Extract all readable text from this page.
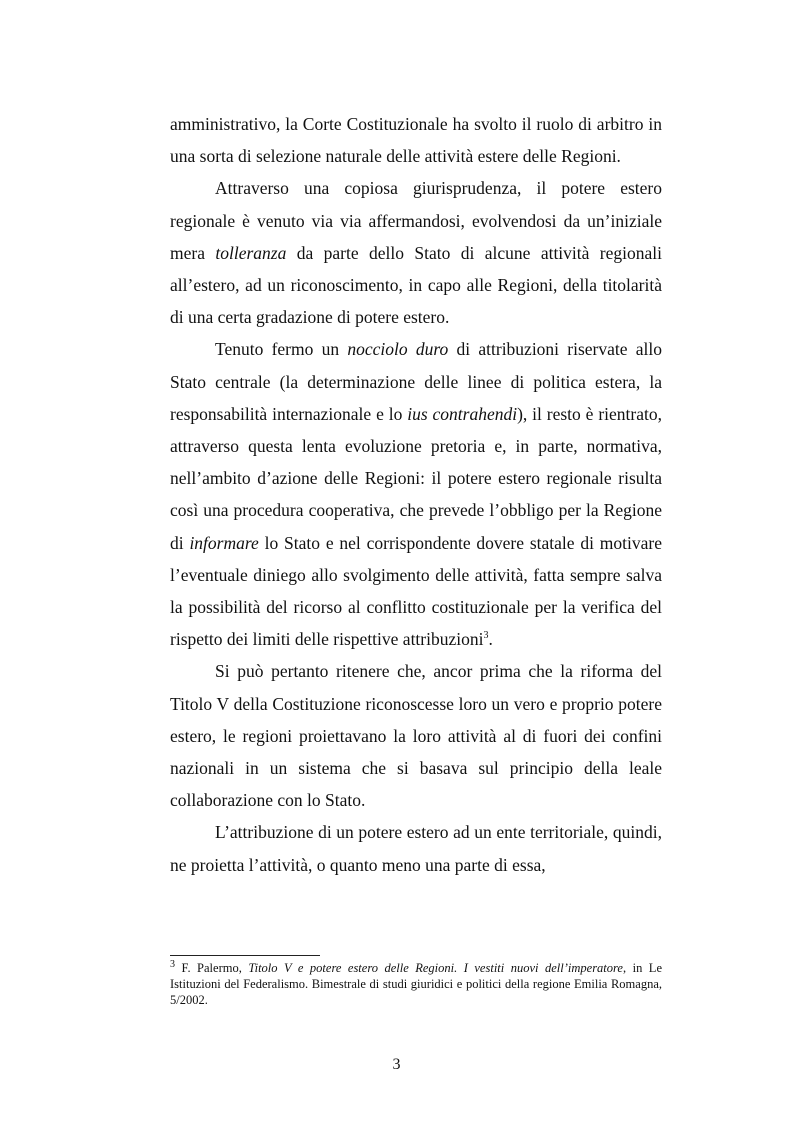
amministrativo, la Corte Costituzionale ha svolto il ruolo di arbitro in una sorta di selezione naturale delle attività estere delle Regioni.

Attraverso una copiosa giurisprudenza, il potere estero regionale è venuto via via affermandosi, evolvendosi da un’iniziale mera tolleranza da parte dello Stato di alcune attività regionali all’estero, ad un riconoscimento, in capo alle Regioni, della titolarità di una certa gradazione di potere estero.

Tenuto fermo un nocciolo duro di attribuzioni riservate allo Stato centrale (la determinazione delle linee di politica estera, la responsabilità internazionale e lo ius contrahendi), il resto è rientrato, attraverso questa lenta evoluzione pretoria e, in parte, normativa, nell’ambito d’azione delle Regioni: il potere estero regionale risulta così una procedura cooperativa, che prevede l’obbligo per la Regione di informare lo Stato e nel corrispondente dovere statale di motivare l’eventuale diniego allo svolgimento delle attività, fatta sempre salva la possibilità del ricorso al conflitto costituzionale per la verifica del rispetto dei limiti delle rispettive attribuzioni$^3$.

Si può pertanto ritenere che, ancor prima che la riforma del Titolo V della Costituzione riconoscesse loro un vero e proprio potere estero, le regioni proiettavano la loro attività al di fuori dei confini nazionali in un sistema che si basava sul principio della leale collaborazione con lo Stato.

L’attribuzione di un potere estero ad un ente territoriale, quindi, ne proietta l’attività, o quanto meno una parte di essa,

$^3$ F. Palermo, Titolo V e potere estero delle Regioni. I vestiti nuovi dell’imperatore, in Le Istituzioni del Federalismo. Bimestrale di studi giuridici e politici della regione Emilia Romagna, 5/2002.

3
